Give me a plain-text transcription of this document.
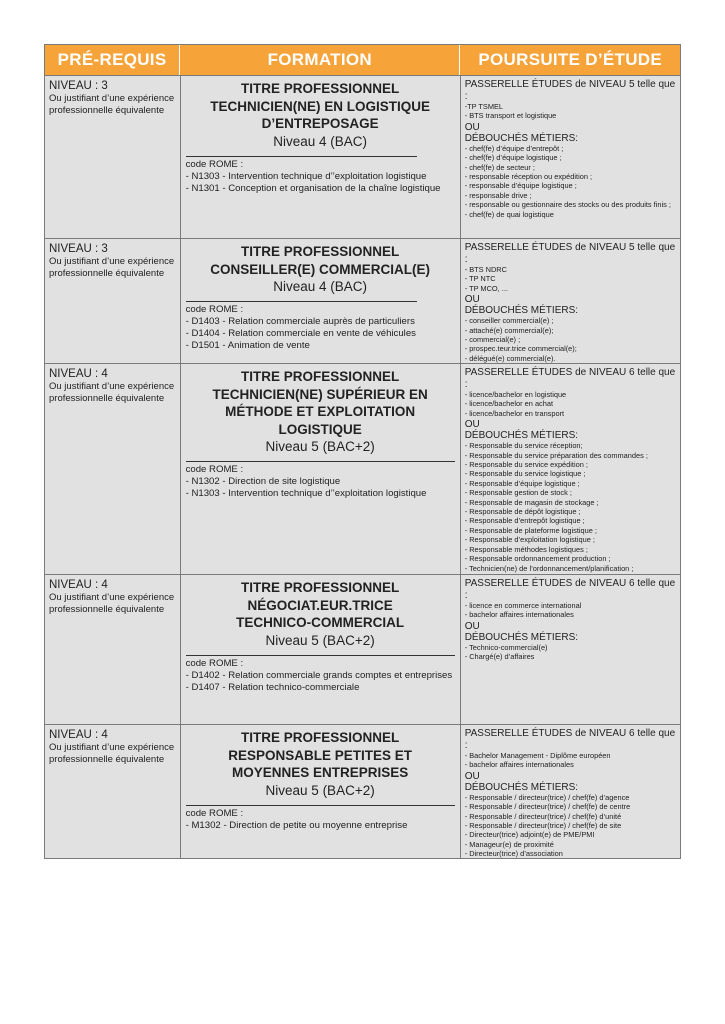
PRÉ-REQUIS	FORMATION	POURSUITE D’ÉTUDE
NIVEAU : 3
Ou justifiant d’une expérience professionnelle équivalente
TITRE PROFESSIONNEL
TECHNICIEN(NE) EN LOGISTIQUE
D’ENTREPOSAGE
Niveau 4 (BAC)
code ROME :
- N1303 - Intervention technique d’’exploitation logistique
- N1301 - Conception et organisation de la chaîne logistique
PASSERELLE ÉTUDES de NIVEAU 5 telle que :
-TP TSMEL
- BTS transport et logistique
OU
DÉBOUCHÉS MÉTIERS:
- chef(fe) d’équipe d’entrepôt ;
- chef(fe) d’équipe logistique ;
- chef(fe) de secteur ;
- responsable réception ou expédition ;
- responsable d’équipe logistique ;
- responsable drive ;
- responsable ou gestionnaire des stocks ou des produits finis ;
- chef(fe) de quai logistique
NIVEAU : 3
Ou justifiant d’une expérience professionnelle équivalente
TITRE PROFESSIONNEL
CONSEILLER(E) COMMERCIAL(E)
Niveau 4 (BAC)
code ROME :
- D1403 - Relation commerciale auprès de particuliers
- D1404 - Relation commerciale en vente de véhicules
- D1501 - Animation de vente
PASSERELLE ÉTUDES de NIVEAU 5 telle que :
- BTS NDRC
- TP NTC
- TP MCO, ...
OU
DÉBOUCHÉS MÉTIERS:
- conseiller commercial(e) ;
- attaché(e) commercial(e);
- commercial(e) ;
- prospec.teur.trice commercial(e);
- délégué(e) commercial(e).
NIVEAU : 4
Ou justifiant d’une expérience professionnelle équivalente
TITRE PROFESSIONNEL
TECHNICIEN(NE) SUPÉRIEUR EN
MÉTHODE ET EXPLOITATION
LOGISTIQUE
Niveau 5 (BAC+2)
code ROME :
- N1302 - Direction de site logistique
- N1303 - Intervention technique d’’exploitation logistique
PASSERELLE ÉTUDES de NIVEAU 6 telle que :
- licence/bachelor en logistique
- licence/bachelor en achat
- licence/bachelor en transport
OU
DÉBOUCHÉS MÉTIERS:
- Responsable du service réception;
- Responsable du service préparation des commandes ;
- Responsable du service expédition ;
- Responsable du service logistique ;
- Responsable d’équipe logistique ;
- Responsable gestion de stock ;
- Responsable de magasin de stockage ;
- Responsable de dépôt logistique ;
- Responsable d’entrepôt logistique ;
- Responsable de plateforme logistique ;
- Responsable d’exploitation logistique ;
- Responsable méthodes logistiques ;
- Responsable ordonnancement production ;
- Technicien(ne) de l’ordonnancement/planification ;
NIVEAU : 4
Ou justifiant d’une expérience professionnelle équivalente
TITRE PROFESSIONNEL
NÉGOCIAT.EUR.TRICE
TECHNICO-COMMERCIAL
Niveau 5 (BAC+2)
code ROME :
- D1402 - Relation commerciale grands comptes et entreprises
- D1407 - Relation technico-commerciale
PASSERELLE ÉTUDES de NIVEAU 6 telle que :
- licence en commerce international
- bachelor affaires internationales
OU
DÉBOUCHÉS MÉTIERS:
- Technico-commercial(e)
- Chargé(e) d’affaires
NIVEAU : 4
Ou justifiant d’une expérience professionnelle équivalente
TITRE PROFESSIONNEL
RESPONSABLE PETITES ET
MOYENNES ENTREPRISES
Niveau 5 (BAC+2)
code ROME :
- M1302 - Direction de petite ou moyenne entreprise
PASSERELLE ÉTUDES de NIVEAU 6 telle que :
- Bachelor Management - Diplôme européen
- bachelor affaires internationales
OU
DÉBOUCHÉS MÉTIERS:
- Responsable / directeur(trice) / chef(fe) d’agence
- Responsable / directeur(trice) / chef(fe) de centre
- Responsable / directeur(trice) / chef(fe) d’unité
- Responsable / directeur(trice) / chef(fe) de site
- Directeur(trice) adjoint(e) de PME/PMI
- Manageur(e) de proximité
- Directeur(trice) d’association
